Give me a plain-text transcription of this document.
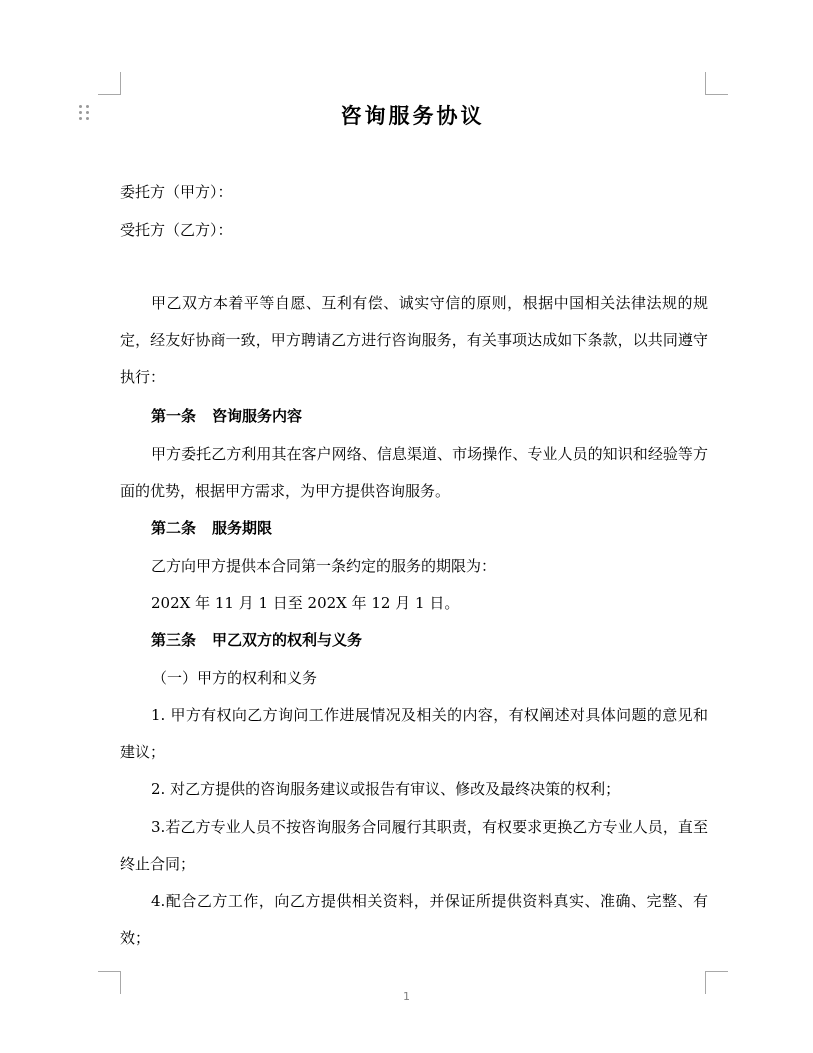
咨询服务协议

委托方（甲方）：

受托方（乙方）：

甲乙双方本着平等自愿、互利有偿、诚实守信的原则，根据中国相关法律法规的规定，经友好协商一致，甲方聘请乙方进行咨询服务，有关事项达成如下条款，以共同遵守执行：

第一条 咨询服务内容

甲方委托乙方利用其在客户网络、信息渠道、市场操作、专业人员的知识和经验等方面的优势，根据甲方需求，为甲方提供咨询服务。

第二条 服务期限

乙方向甲方提供本合同第一条约定的服务的期限为：

202X 年 11 月 1 日至 202X 年 12 月 1 日。

第三条 甲乙双方的权利与义务

（一）甲方的权利和义务

1. 甲方有权向乙方询问工作进展情况及相关的内容，有权阐述对具体问题的意见和建议；

2. 对乙方提供的咨询服务建议或报告有审议、修改及最终决策的权利；

3.若乙方专业人员不按咨询服务合同履行其职责，有权要求更换乙方专业人员，直至终止合同；

4.配合乙方工作，向乙方提供相关资料，并保证所提供资料真实、准确、完整、有效；

1
